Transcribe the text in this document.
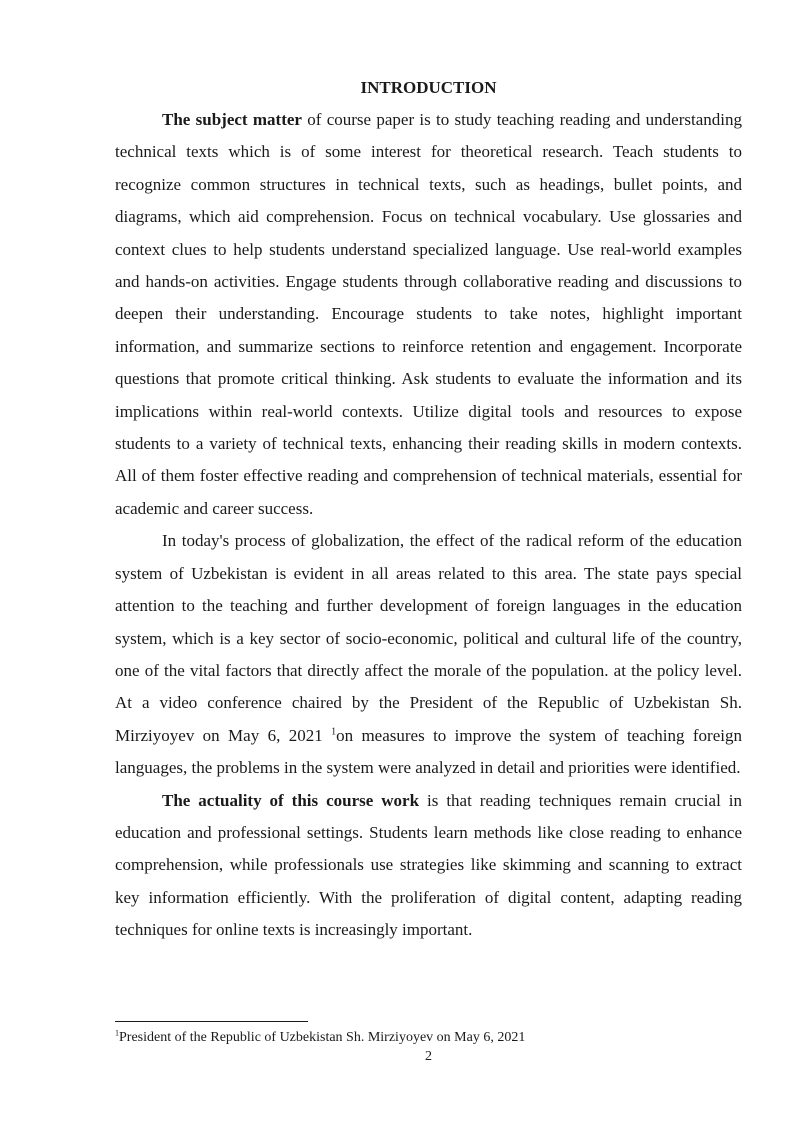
INTRODUCTION

The subject matter of course paper is to study teaching reading and understanding technical texts which is of some interest for theoretical research. Teach students to recognize common structures in technical texts, such as headings, bullet points, and diagrams, which aid comprehension. Focus on technical vocabulary. Use glossaries and context clues to help students understand specialized language. Use real-world examples and hands-on activities. Engage students through collaborative reading and discussions to deepen their understanding. Encourage students to take notes, highlight important information, and summarize sections to reinforce retention and engagement. Incorporate questions that promote critical thinking. Ask students to evaluate the information and its implications within real-world contexts. Utilize digital tools and resources to expose students to a variety of technical texts, enhancing their reading skills in modern contexts. All of them foster effective reading and comprehension of technical materials, essential for academic and career success.

In today's process of globalization, the effect of the radical reform of the education system of Uzbekistan is evident in all areas related to this area. The state pays special attention to the teaching and further development of foreign languages in the education system, which is a key sector of socio-economic, political and cultural life of the country, one of the vital factors that directly affect the morale of the population. at the policy level. At a video conference chaired by the President of the Republic of Uzbekistan Sh. Mirziyoyev on May 6, 2021 $^1$on measures to improve the system of teaching foreign languages, the problems in the system were analyzed in detail and priorities were identified.

The actuality of this course work is that reading techniques remain crucial in education and professional settings. Students learn methods like close reading to enhance comprehension, while professionals use strategies like skimming and scanning to extract key information efficiently. With the proliferation of digital content, adapting reading techniques for online texts is increasingly important.

$^1$President of the Republic of Uzbekistan Sh. Mirziyoyev on May 6, 2021
2
